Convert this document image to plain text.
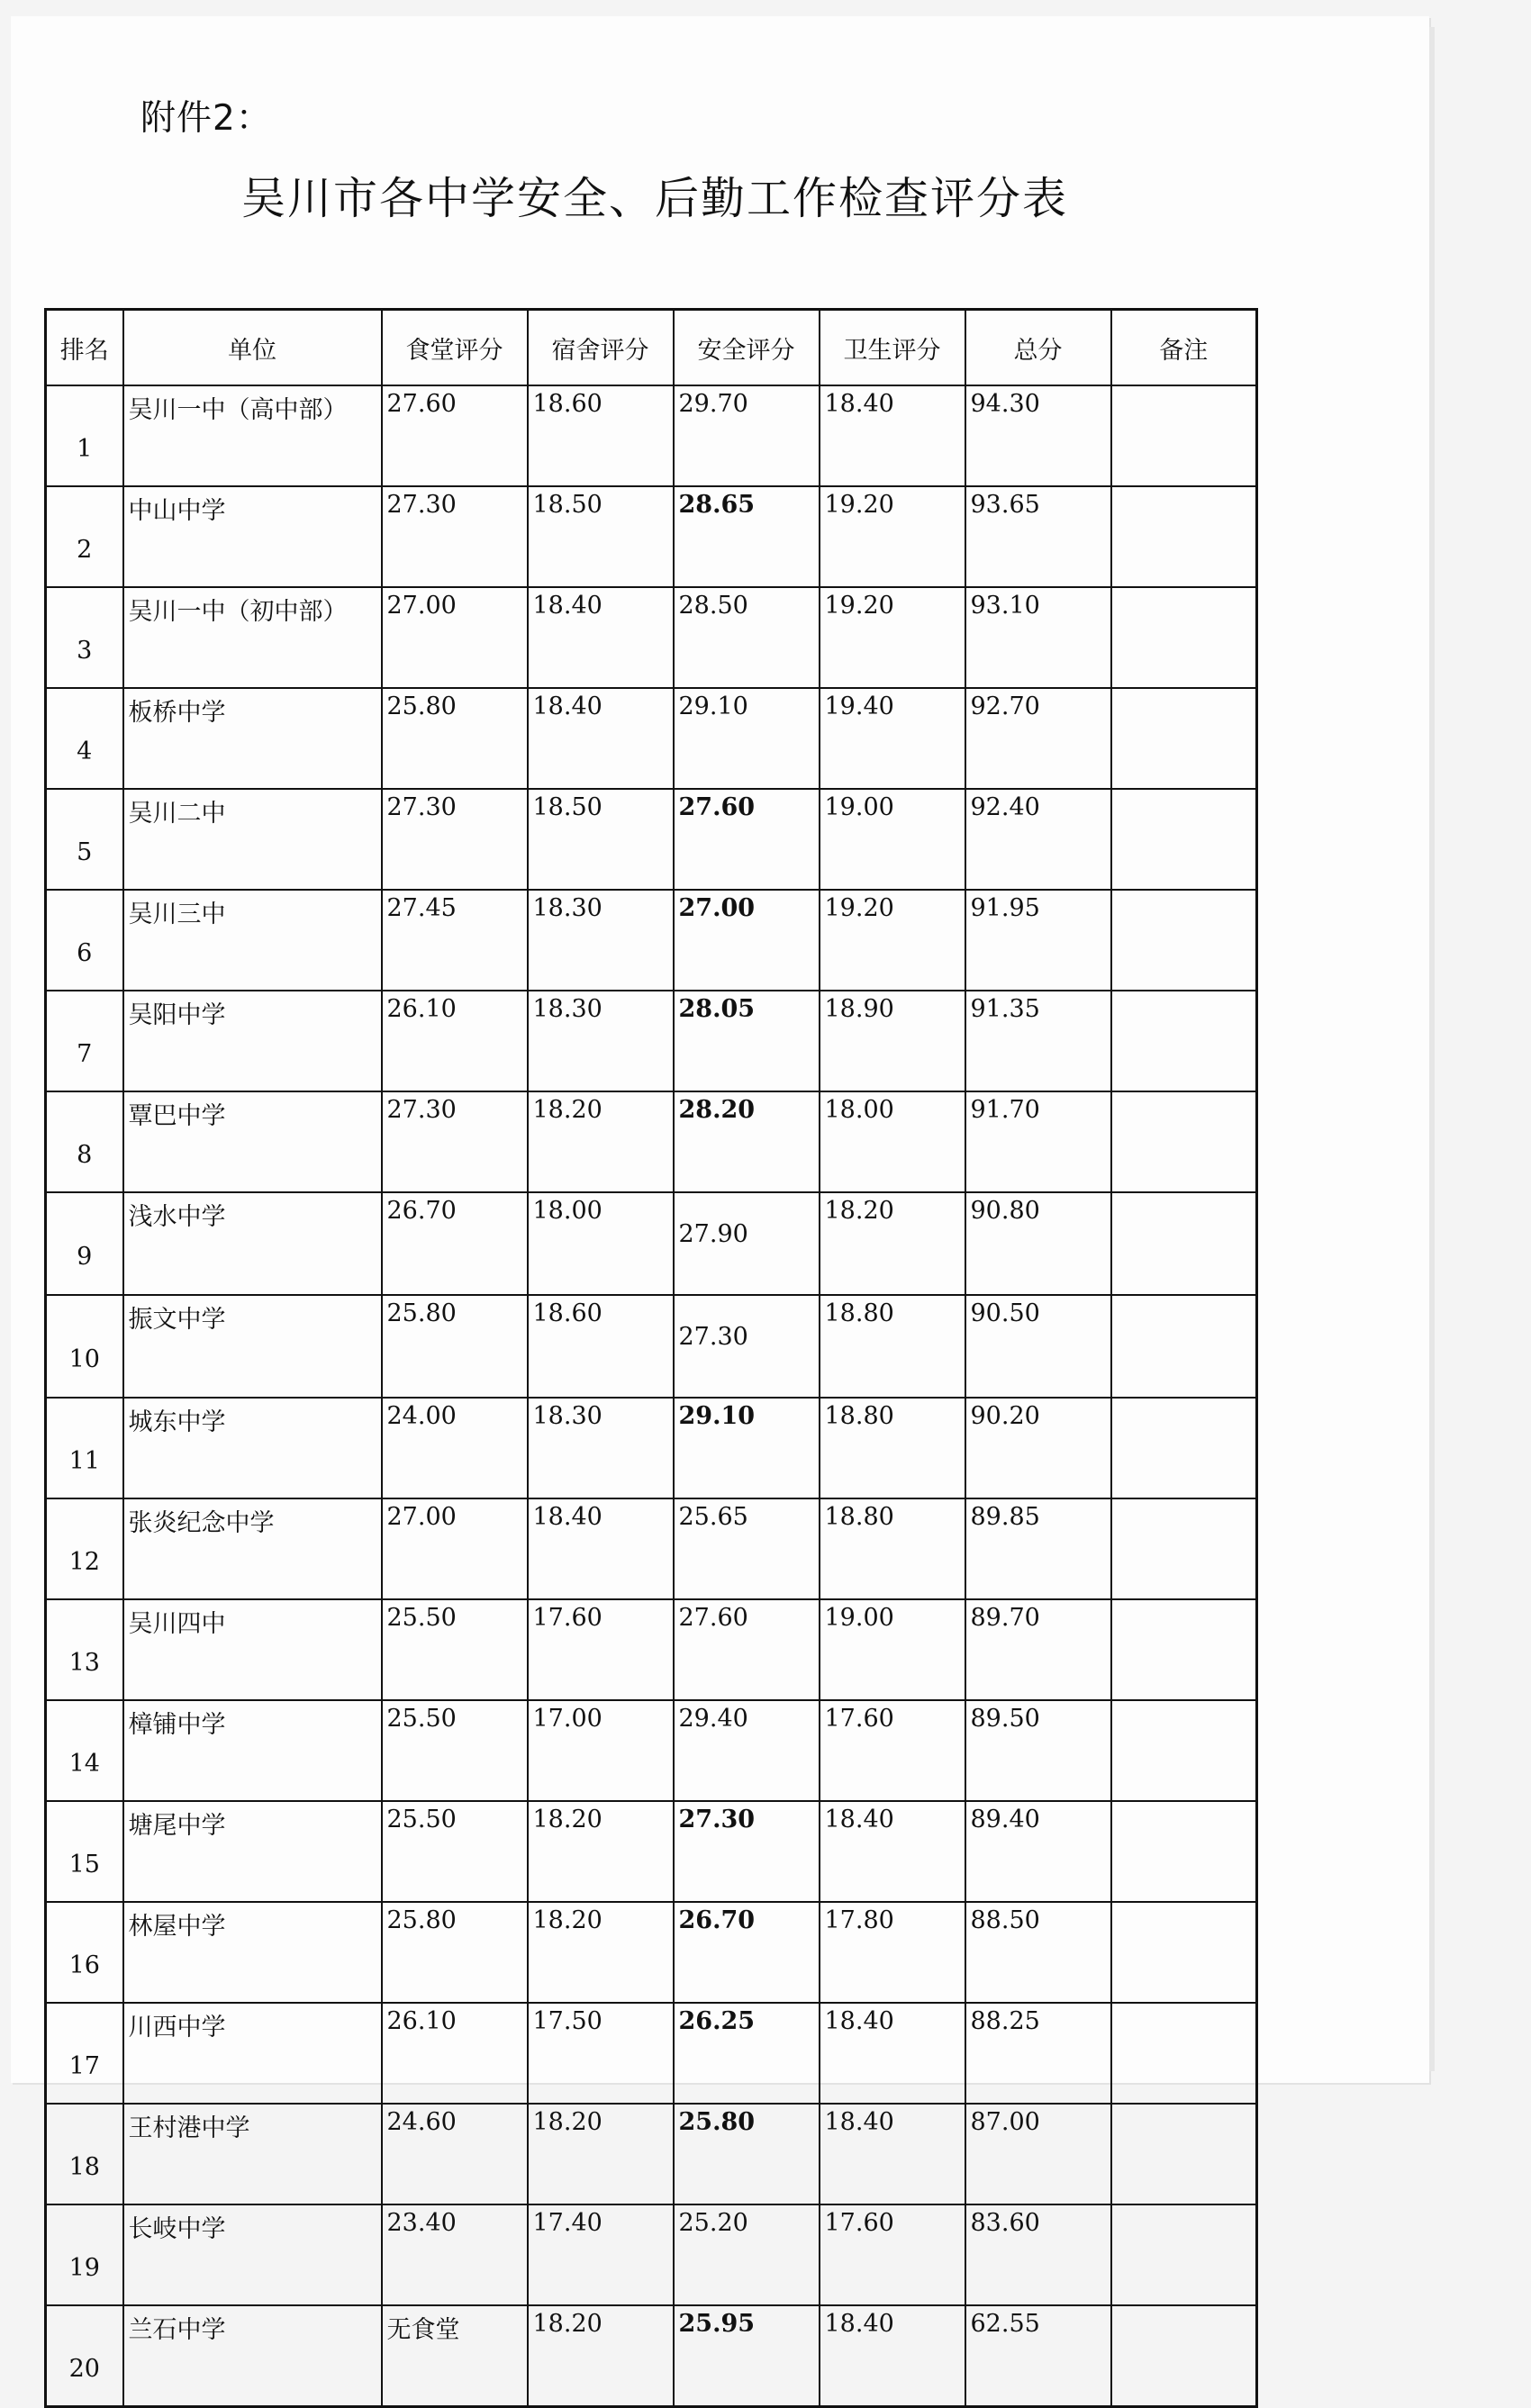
附件2：
吴川市各中学安全、后勤工作检查评分表
排名	单位	食堂评分	宿舍评分	安全评分	卫生评分	总分	备注
1	吴川一中（高中部）	27.60	18.60	29.70	18.40	94.30	
2	中山中学	27.30	18.50	28.65	19.20	93.65	
3	吴川一中（初中部）	27.00	18.40	28.50	19.20	93.10	
4	板桥中学	25.80	18.40	29.10	19.40	92.70	
5	吴川二中	27.30	18.50	27.60	19.00	92.40	
6	吴川三中	27.45	18.30	27.00	19.20	91.95	
7	吴阳中学	26.10	18.30	28.05	18.90	91.35	
8	覃巴中学	27.30	18.20	28.20	18.00	91.70	
9	浅水中学	26.70	18.00	27.90	18.20	90.80	
10	振文中学	25.80	18.60	27.30	18.80	90.50	
11	城东中学	24.00	18.30	29.10	18.80	90.20	
12	张炎纪念中学	27.00	18.40	25.65	18.80	89.85	
13	吴川四中	25.50	17.60	27.60	19.00	89.70	
14	樟铺中学	25.50	17.00	29.40	17.60	89.50	
15	塘尾中学	25.50	18.20	27.30	18.40	89.40	
16	林屋中学	25.80	18.20	26.70	17.80	88.50	
17	川西中学	26.10	17.50	26.25	18.40	88.25	
18	王村港中学	24.60	18.20	25.80	18.40	87.00	
19	长岐中学	23.40	17.40	25.20	17.60	83.60	
20	兰石中学	无食堂	18.20	25.95	18.40	62.55	
